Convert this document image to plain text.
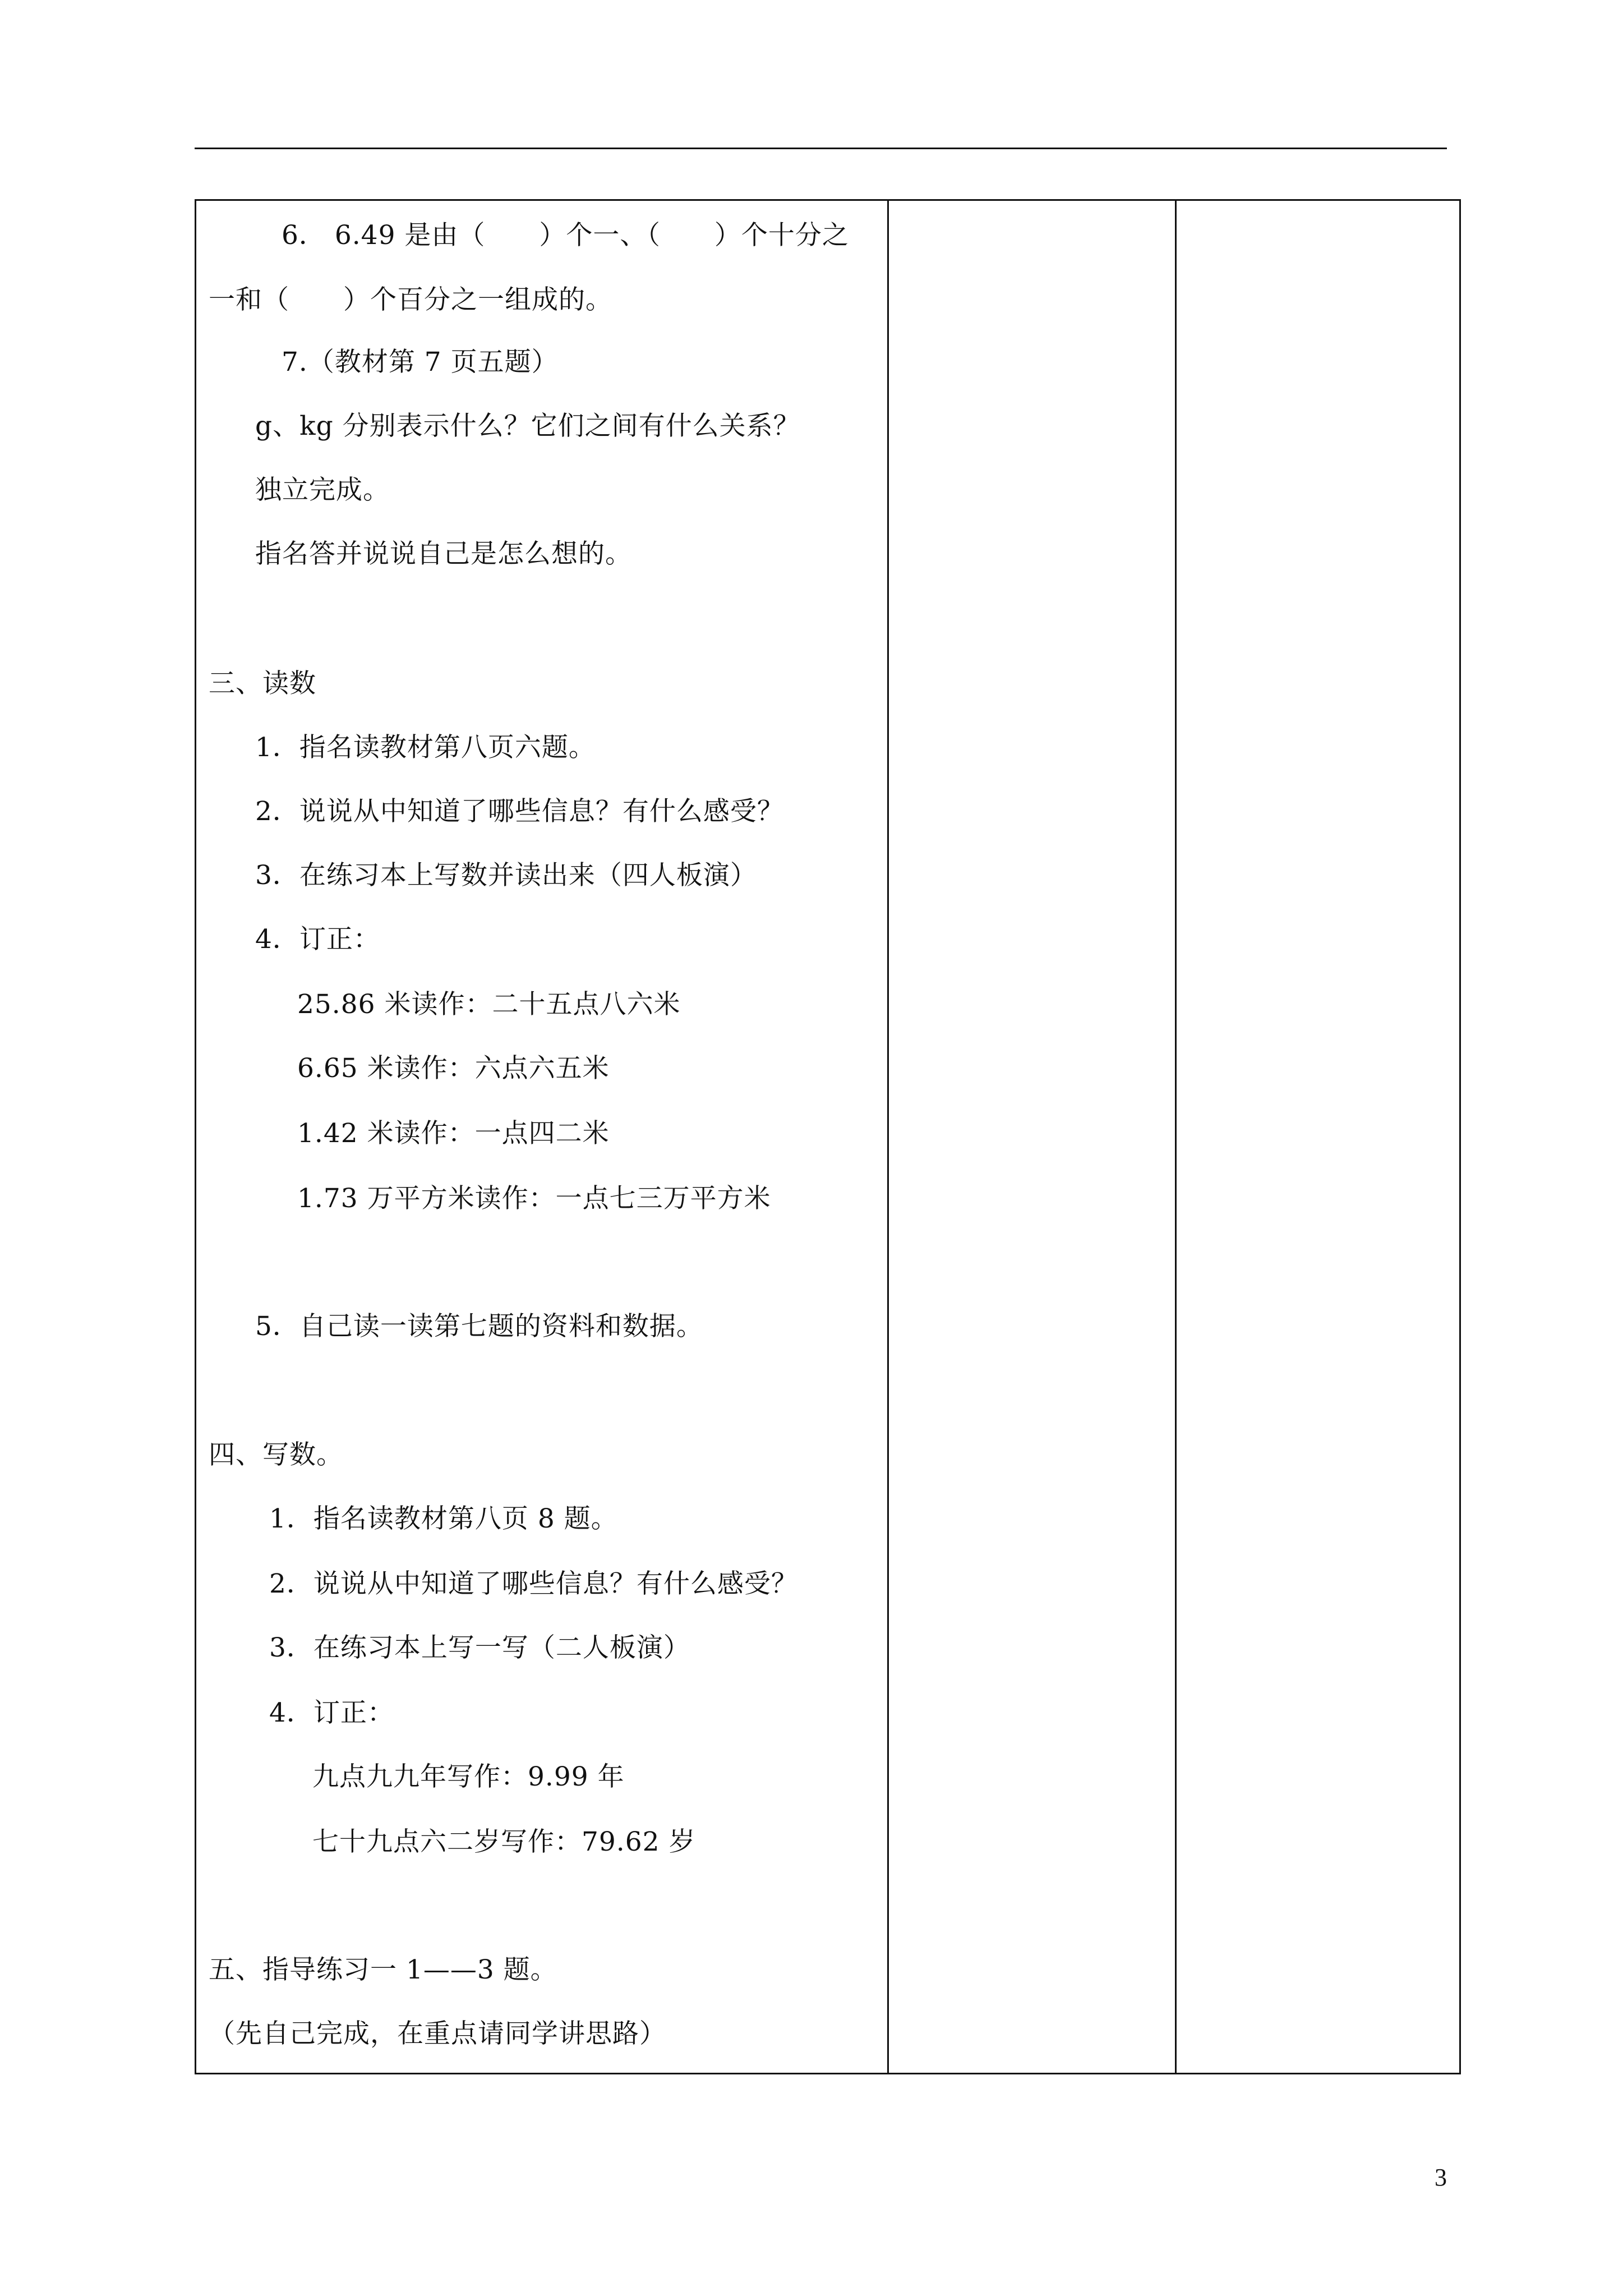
6． 6.49 是由（　　）个一、（　　）个十分之
一和（　　）个百分之一组成的。
7.（教材第 7 页五题）
g、kg 分别表示什么？它们之间有什么关系？
独立完成。
指名答并说说自己是怎么想的。
三、读数
1．指名读教材第八页六题。
2．说说从中知道了哪些信息？有什么感受？
3．在练习本上写数并读出来（四人板演）
4．订正：
25.86 米读作：二十五点八六米
6.65 米读作：六点六五米
1.42 米读作：一点四二米
1.73 万平方米读作：一点七三万平方米
5．自己读一读第七题的资料和数据。
四、写数。
1．指名读教材第八页 8 题。
2．说说从中知道了哪些信息？有什么感受？
3．在练习本上写一写（二人板演）
4．订正：
九点九九年写作：9.99 年
七十九点六二岁写作：79.62 岁
五、指导练习一 1——3 题。
（先自己完成，在重点请同学讲思路）
3
